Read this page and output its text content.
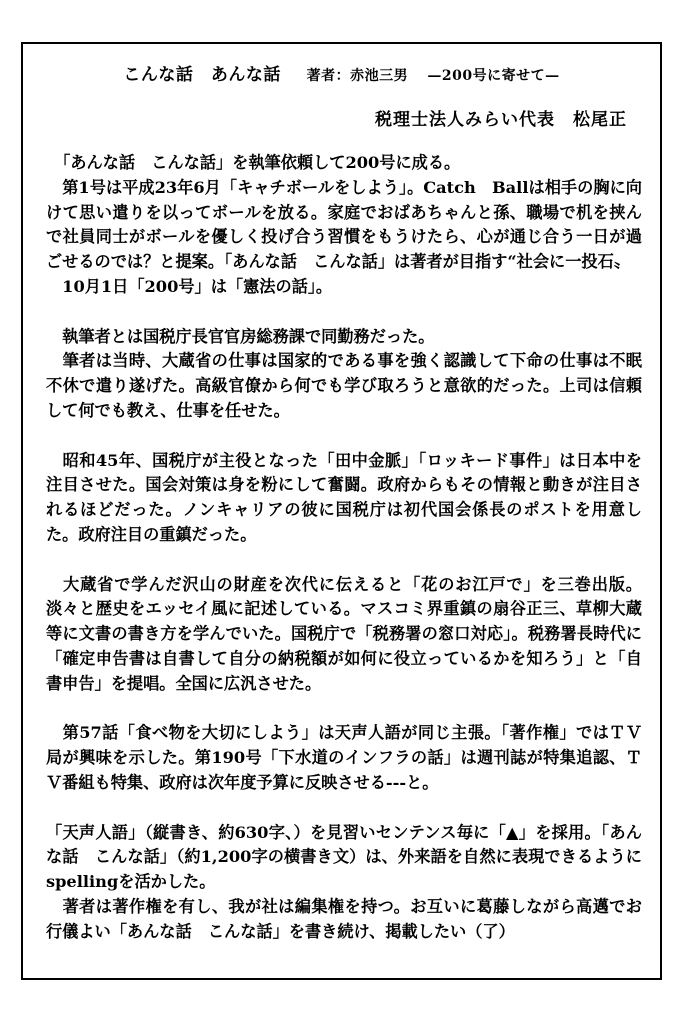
こんな話　あんな話 著者：赤池三男 —200号に寄せて—
税理士法人みらい代表　松尾正

　「あんな話　こんな話」を執筆依頼して200号に成る。

　第1号は平成23年6月「キャチボールをしよう」。Catch　Ballは相手の胸に向けて思い遣りを以ってボールを放る。家庭でおばあちゃんと孫、職場で机を挟んで社員同士がボールを優しく投げ合う習慣をもうけたら、心が通じ合う一日が過ごせるのでは？と提案。「あんな話　こんな話」は著者が目指す“社会に一投石〟

　10月1日「200号」は「憲法の話」。

　執筆者とは国税庁長官官房総務課で同勤務だった。

　筆者は当時、大蔵省の仕事は国家的である事を強く認識して下命の仕事は不眠不休で遣り遂げた。高級官僚から何でも学び取ろうと意欲的だった。上司は信頼して何でも教え、仕事を任せた。

　昭和45年、国税庁が主役となった「田中金脈」「ロッキード事件」は日本中を注目させた。国会対策は身を粉にして奮闘。政府からもその情報と動きが注目されるほどだった。ノンキャリアの彼に国税庁は初代国会係長のポストを用意した。政府注目の重鎮だった。

　大蔵省で学んだ沢山の財産を次代に伝えると「花のお江戸で」を三巻出版。淡々と歴史をエッセイ風に記述している。マスコミ界重鎮の扇谷正三、草柳大蔵等に文書の書き方を学んでいた。国税庁で「税務署の窓口対応」。税務署長時代に「確定申告書は自書して自分の納税額が如何に役立っているかを知ろう」と「自書申告」を提唱。全国に広汎させた。

　第57話「食べ物を大切にしよう」は天声人語が同じ主張。「著作権」ではＴＶ局が興味を示した。第190号「下水道のインフラの話」は週刊誌が特集追認、ＴＶ番組も特集、政府は次年度予算に反映させる---と。

「天声人語」（縦書き、約630字、）を見習いセンテンス毎に「▲」を採用。「あんな話　こんな話」（約1,200字の横書き文）は、外来語を自然に表現できるようにspellingを活かした。

　著者は著作権を有し、我が社は編集権を持つ。お互いに葛藤しながら高邁でお行儀よい「あんな話　こんな話」を書き続け、掲載したい（了）
